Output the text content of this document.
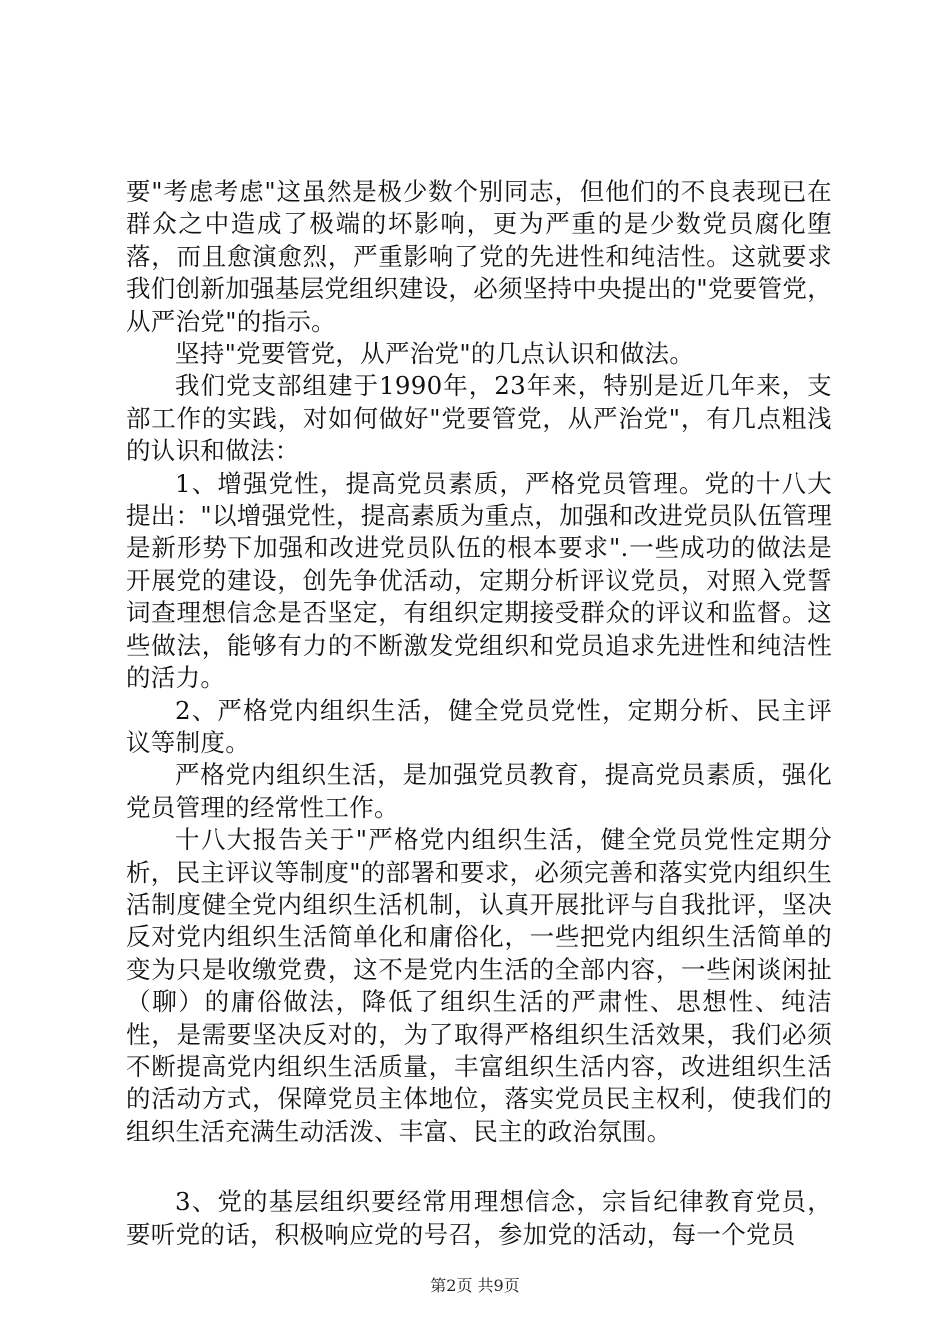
要"考虑考虑"这虽然是极少数个别同志，但他们的不良表现已在群众之中造成了极端的坏影响，更为严重的是少数党员腐化堕落，而且愈演愈烈，严重影响了党的先进性和纯洁性。这就要求我们创新加强基层党组织建设，必须坚持中央提出的"党要管党，从严治党"的指示。

坚持"党要管党，从严治党"的几点认识和做法。

我们党支部组建于1990年，23年来，特别是近几年来，支部工作的实践，对如何做好"党要管党，从严治党"，有几点粗浅的认识和做法：

1、增强党性，提高党员素质，严格党员管理。党的十八大提出："以增强党性，提高素质为重点，加强和改进党员队伍管理是新形势下加强和改进党员队伍的根本要求".一些成功的做法是开展党的建设，创先争优活动，定期分析评议党员，对照入党誓词查理想信念是否坚定，有组织定期接受群众的评议和监督。这些做法，能够有力的不断激发党组织和党员追求先进性和纯洁性的活力。

2、严格党内组织生活，健全党员党性，定期分析、民主评议等制度。

严格党内组织生活，是加强党员教育，提高党员素质，强化党员管理的经常性工作。

十八大报告关于"严格党内组织生活，健全党员党性定期分析，民主评议等制度"的部署和要求，必须完善和落实党内组织生活制度健全党内组织生活机制，认真开展批评与自我批评，坚决反对党内组织生活简单化和庸俗化，一些把党内组织生活简单的变为只是收缴党费，这不是党内生活的全部内容，一些闲谈闲扯（聊）的庸俗做法，降低了组织生活的严肃性、思想性、纯洁性，是需要坚决反对的，为了取得严格组织生活效果，我们必须不断提高党内组织生活质量，丰富组织生活内容，改进组织生活的活动方式，保障党员主体地位，落实党员民主权利，使我们的组织生活充满生动活泼、丰富、民主的政治氛围。

3、党的基层组织要经常用理想信念，宗旨纪律教育党员，要听党的话，积极响应党的号召，参加党的活动，每一个党员

第2页 共9页
